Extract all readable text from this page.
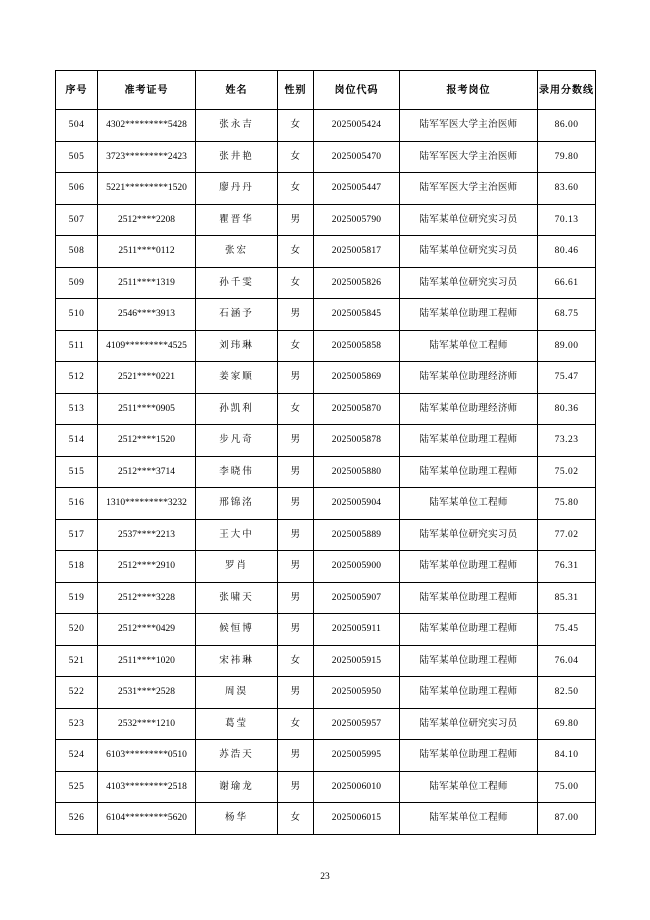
序号	准考证号	姓名	性别	岗位代码	报考岗位	录用分数线
504	4302*********5428	张永吉	女	2025005424	陆军军医大学主治医师	86.00
505	3723*********2423	张井艳	女	2025005470	陆军军医大学主治医师	79.80
506	5221*********1520	廖丹丹	女	2025005447	陆军军医大学主治医师	83.60
507	2512****2208	瞿晋华	男	2025005790	陆军某单位研究实习员	70.13
508	2511****0112	张宏	女	2025005817	陆军某单位研究实习员	80.46
509	2511****1319	孙千雯	女	2025005826	陆军某单位研究实习员	66.61
510	2546****3913	石涵予	男	2025005845	陆军某单位助理工程师	68.75
511	4109*********4525	刘玮琳	女	2025005858	陆军某单位工程师	89.00
512	2521****0221	姜家顺	男	2025005869	陆军某单位助理经济师	75.47
513	2511****0905	孙凯利	女	2025005870	陆军某单位助理经济师	80.36
514	2512****1520	步凡奇	男	2025005878	陆军某单位助理工程师	73.23
515	2512****3714	李晓伟	男	2025005880	陆军某单位助理工程师	75.02
516	1310*********3232	邢锦洺	男	2025005904	陆军某单位工程师	75.80
517	2537****2213	王大中	男	2025005889	陆军某单位研究实习员	77.02
518	2512****2910	罗肖	男	2025005900	陆军某单位助理工程师	76.31
519	2512****3228	张啸天	男	2025005907	陆军某单位助理工程师	85.31
520	2512****0429	候恒博	男	2025005911	陆军某单位助理工程师	75.45
521	2511****1020	宋祎琳	女	2025005915	陆军某单位助理工程师	76.04
522	2531****2528	周淏	男	2025005950	陆军某单位助理工程师	82.50
523	2532****1210	葛莹	女	2025005957	陆军某单位研究实习员	69.80
524	6103*********0510	苏浩天	男	2025005995	陆军某单位助理工程师	84.10
525	4103*********2518	谢瑜龙	男	2025006010	陆军某单位工程师	75.00
526	6104*********5620	杨华	女	2025006015	陆军某单位工程师	87.00
23
